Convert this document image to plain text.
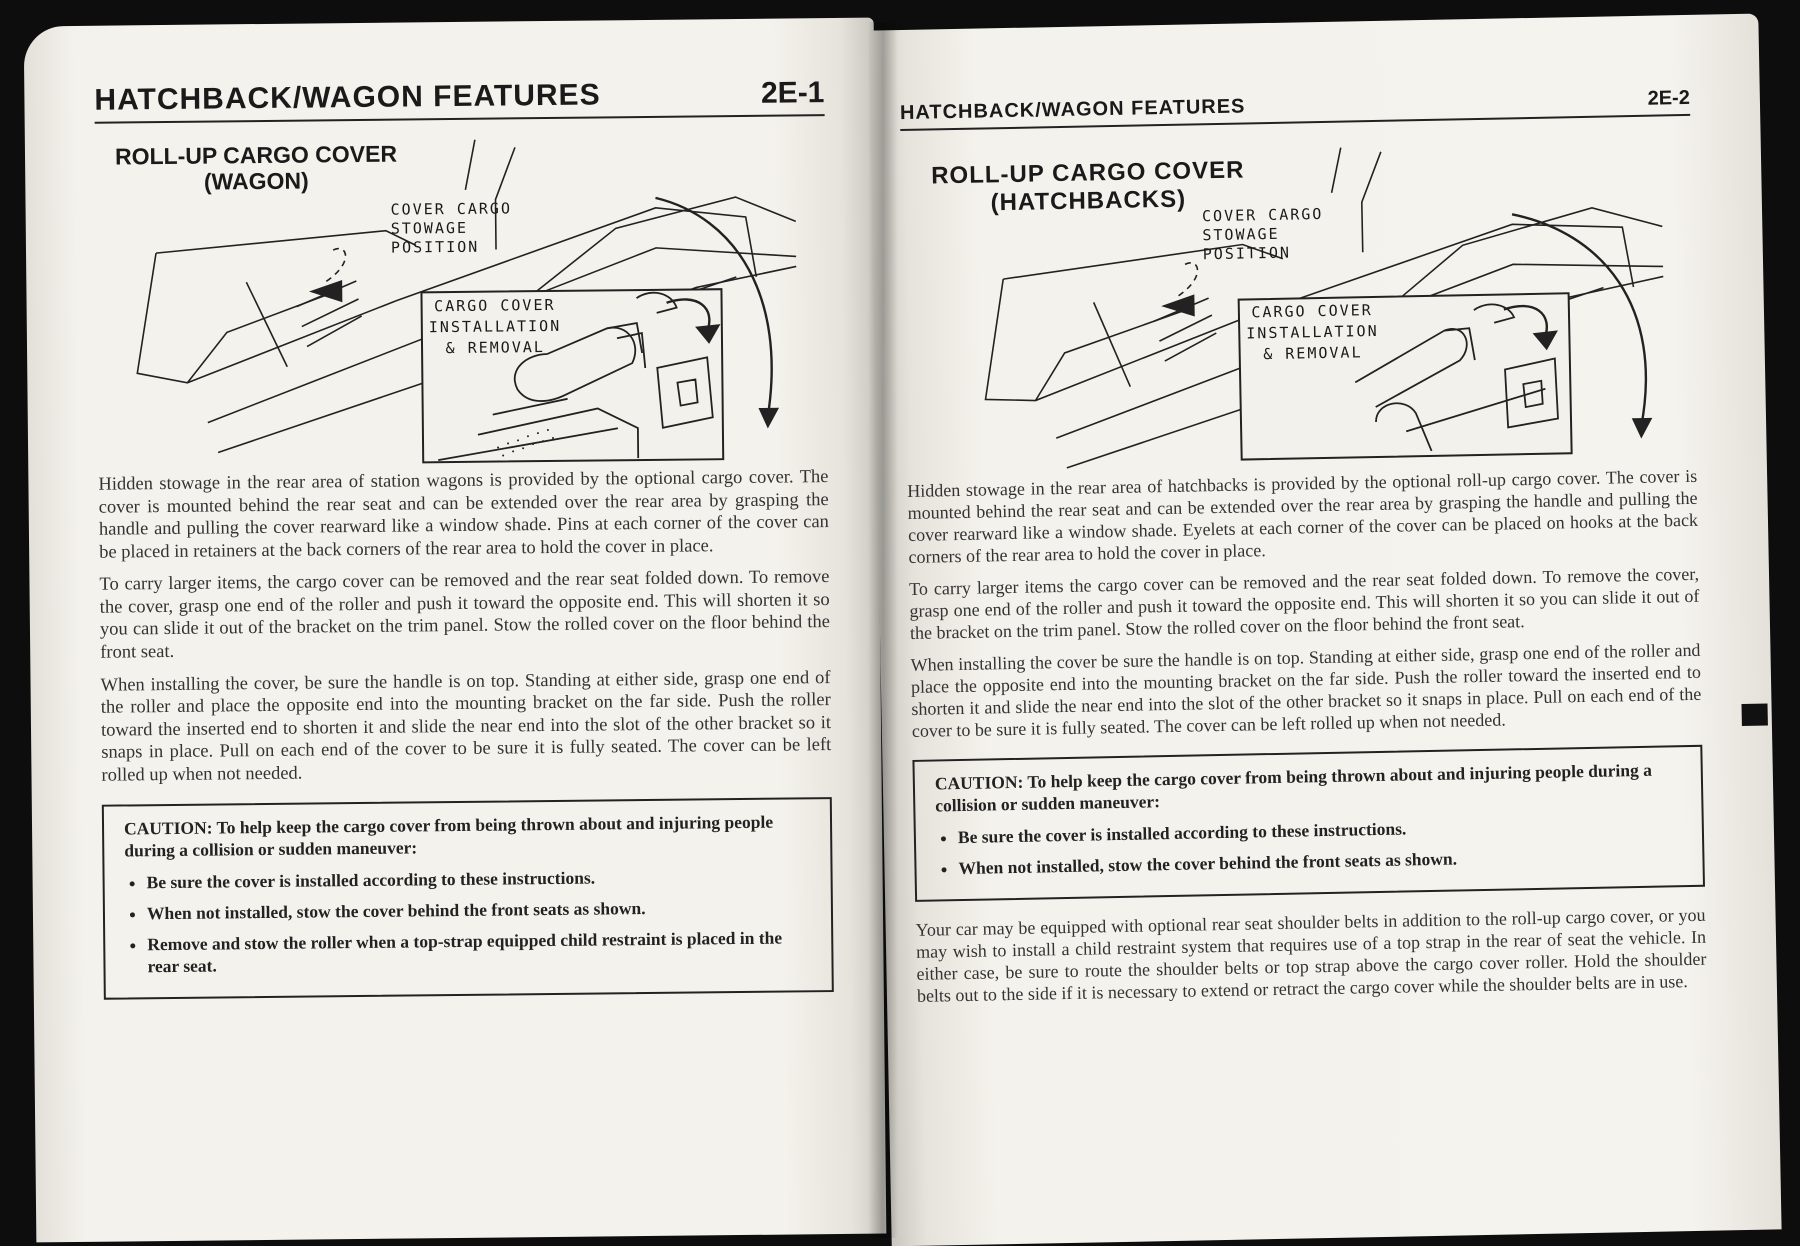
HATCHBACK/WAGON FEATURES	2E-1
ROLL-UP CARGO COVER
(WAGON)
COVER CARGO
STOWAGE
POSITION
CARGO COVER
INSTALLATION
& REMOVAL

Hidden stowage in the rear area of station wagons is provided by the optional cargo cover. The cover is mounted behind the rear seat and can be extended over the rear area by grasping the handle and pulling the cover rearward like a window shade. Pins at each corner of the cover can be placed in retainers at the back corners of the rear area to hold the cover in place.

To carry larger items, the cargo cover can be removed and the rear seat folded down. To remove the cover, grasp one end of the roller and push it toward the opposite end. This will shorten it so you can slide it out of the bracket on the trim panel. Stow the rolled cover on the floor behind the front seat.

When installing the cover, be sure the handle is on top. Standing at either side, grasp one end of the roller and place the opposite end into the mounting bracket on the far side. Push the roller toward the inserted end to shorten it and slide the near end into the slot of the other bracket so it snaps in place. Pull on each end of the cover to be sure it is fully seated. The cover can be left rolled up when not needed.

CAUTION: To help keep the cargo cover from being thrown about and injuring people during a collision or sudden maneuver:
• Be sure the cover is installed according to these instructions.
• When not installed, stow the cover behind the front seats as shown.
• Remove and stow the roller when a top-strap equipped child restraint is placed in the rear seat.
HATCHBACK/WAGON FEATURES	2E-2
ROLL-UP CARGO COVER
(HATCHBACKS)	COVER CARGO
STOWAGE
POSITION
CARGO COVER
INSTALLATION
& REMOVAL

Hidden stowage in the rear area of hatchbacks is provided by the optional roll-up cargo cover. The cover is mounted behind the rear seat and can be extended over the rear area by grasping the handle and pulling the cover rearward like a window shade. Eyelets at each corner of the cover can be placed on hooks at the back corners of the rear area to hold the cover in place.

To carry larger items the cargo cover can be removed and the rear seat folded down. To remove the cover, grasp one end of the roller and push it toward the opposite end. This will shorten it so you can slide it out of the bracket on the trim panel. Stow the rolled cover on the floor behind the front seat.

When installing the cover be sure the handle is on top. Standing at either side, grasp one end of the roller and place the opposite end into the mounting bracket on the far side. Push the roller toward the inserted end to shorten it and slide the near end into the slot of the other bracket so it snaps in place. Pull on each end of the cover to be sure it is fully seated. The cover can be left rolled up when not needed.

CAUTION: To help keep the cargo cover from being thrown about and injuring people during a collision or sudden maneuver:
• Be sure the cover is installed according to these instructions.
• When not installed, stow the cover behind the front seats as shown.

Your car may be equipped with optional rear seat shoulder belts in addition to the roll-up cargo cover, or you may wish to install a child restraint system that requires use of a top strap in the rear of seat the vehicle. In either case, be sure to route the shoulder belts or top strap above the cargo cover roller. Hold the shoulder belts out to the side if it is necessary to extend or retract the cargo cover while the shoulder belts are in use.
